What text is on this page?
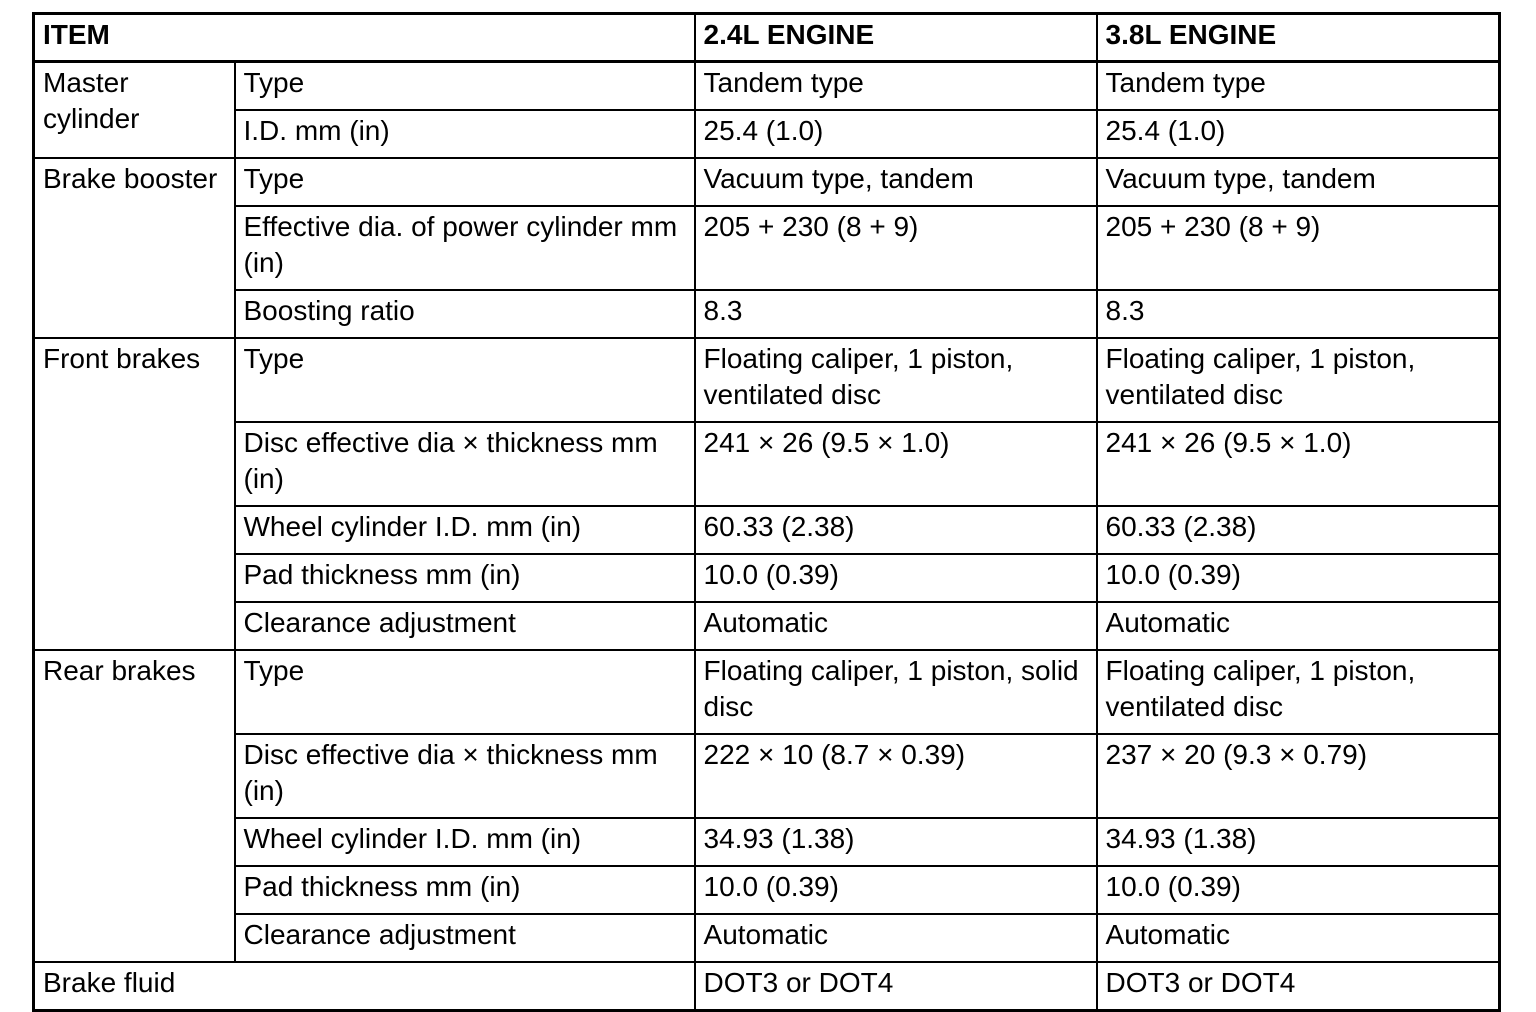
ITEM		2.4L ENGINE	3.8L ENGINE
Master cylinder	Type	Tandem type	Tandem type
	I.D. mm (in)	25.4 (1.0)	25.4 (1.0)
Brake booster	Type	Vacuum type, tandem	Vacuum type, tandem
	Effective dia. of power cylinder mm (in)	205 + 230 (8 + 9)	205 + 230 (8 + 9)
	Boosting ratio	8.3	8.3
Front brakes	Type	Floating caliper, 1 piston, ventilated disc	Floating caliper, 1 piston, ventilated disc
	Disc effective dia × thickness mm (in)	241 × 26 (9.5 × 1.0)	241 × 26 (9.5 × 1.0)
	Wheel cylinder I.D. mm (in)	60.33 (2.38)	60.33 (2.38)
	Pad thickness mm (in)	10.0 (0.39)	10.0 (0.39)
	Clearance adjustment	Automatic	Automatic
Rear brakes	Type	Floating caliper, 1 piston, solid disc	Floating caliper, 1 piston, ventilated disc
	Disc effective dia × thickness mm (in)	222 × 10 (8.7 × 0.39)	237 × 20 (9.3 × 0.79)
	Wheel cylinder I.D. mm (in)	34.93 (1.38)	34.93 (1.38)
	Pad thickness mm (in)	10.0 (0.39)	10.0 (0.39)
	Clearance adjustment	Automatic	Automatic
Brake fluid		DOT3 or DOT4	DOT3 or DOT4
